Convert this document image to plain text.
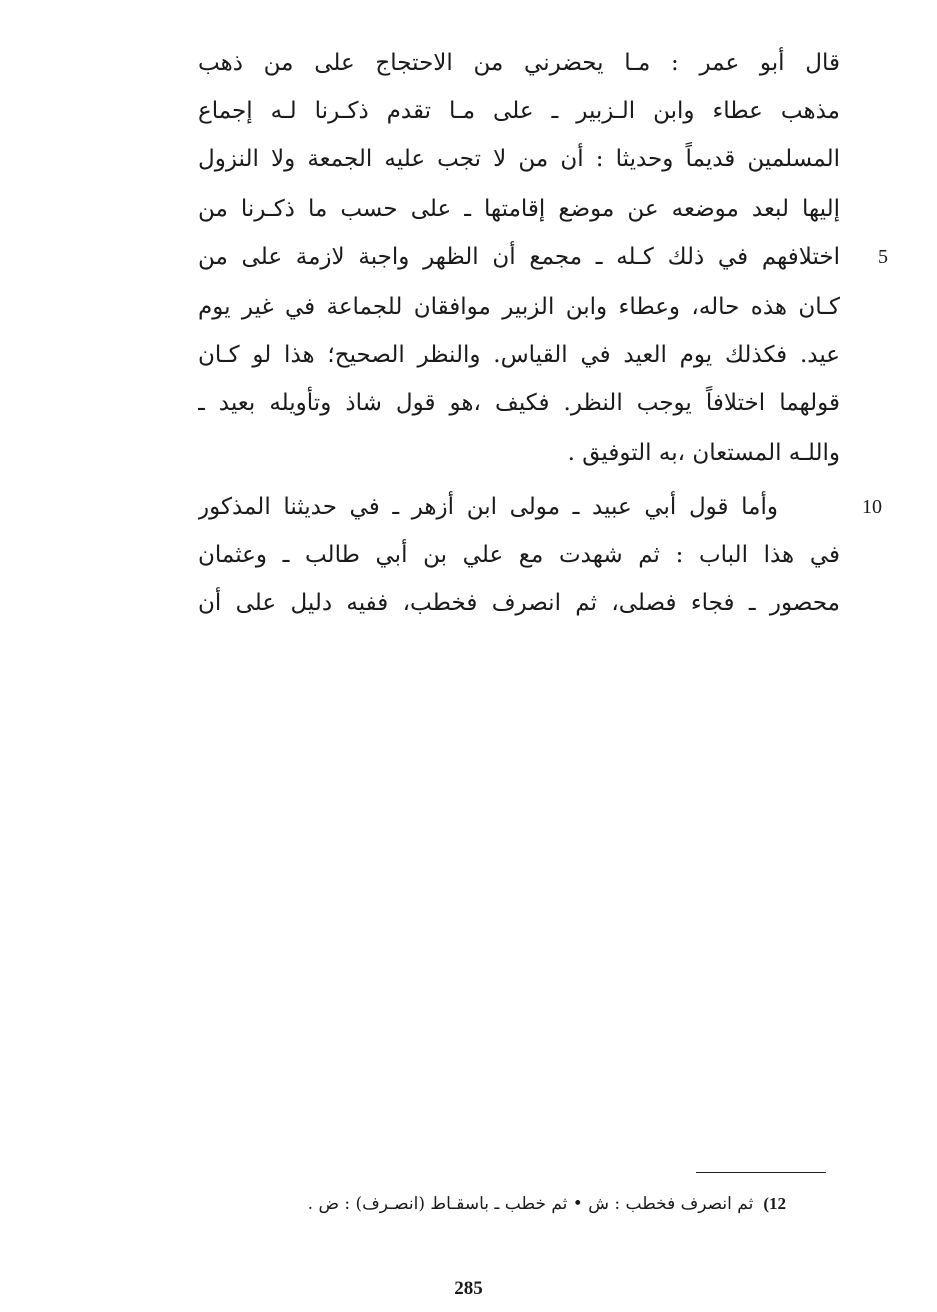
قال أبو عمر : مـا يحضرني من الاحتجاج على من ذهب
مذهب عطاء وابن الـزبير ـ على مـا تقدم ذكـرنا لـه إجماع
المسلمين قديماً وحديثا : أن من لا تجب عليه الجمعة ولا النزول
إليها لبعد موضعه عن موضع إقامتها ـ على حسب ما ذكـرنا من
اختلافهم في ذلك كـله ـ مجمع أن الظهر واجبة لازمة على من
كـان هذه حاله، وعطاء وابن الزبير موافقان للجماعة في غير يوم
عيد. فكذلك يوم العيد في القياس. والنظر الصحيح؛ هذا لو كـان
قولهما اختلافاً يوجب النظر. فكيف ،هو قول شاذ وتأويله بعيد ـ
واللـه المستعان ،به التوفيق .
وأما قول أبي عبيد ـ مولى ابن أزهر ـ في حديثنا المذكور
في هذا الباب : ثم شهدت مع علي بن أبي طالب ـ وعثمان
محصور ـ فجاء فصلى، ثم انصرف فخطب، ففيه دليل على أن
5
10
12)ثم انصرف فخطب : ش • ثم خطب ـ باسقـاط (انصـرف) : ض .
285
